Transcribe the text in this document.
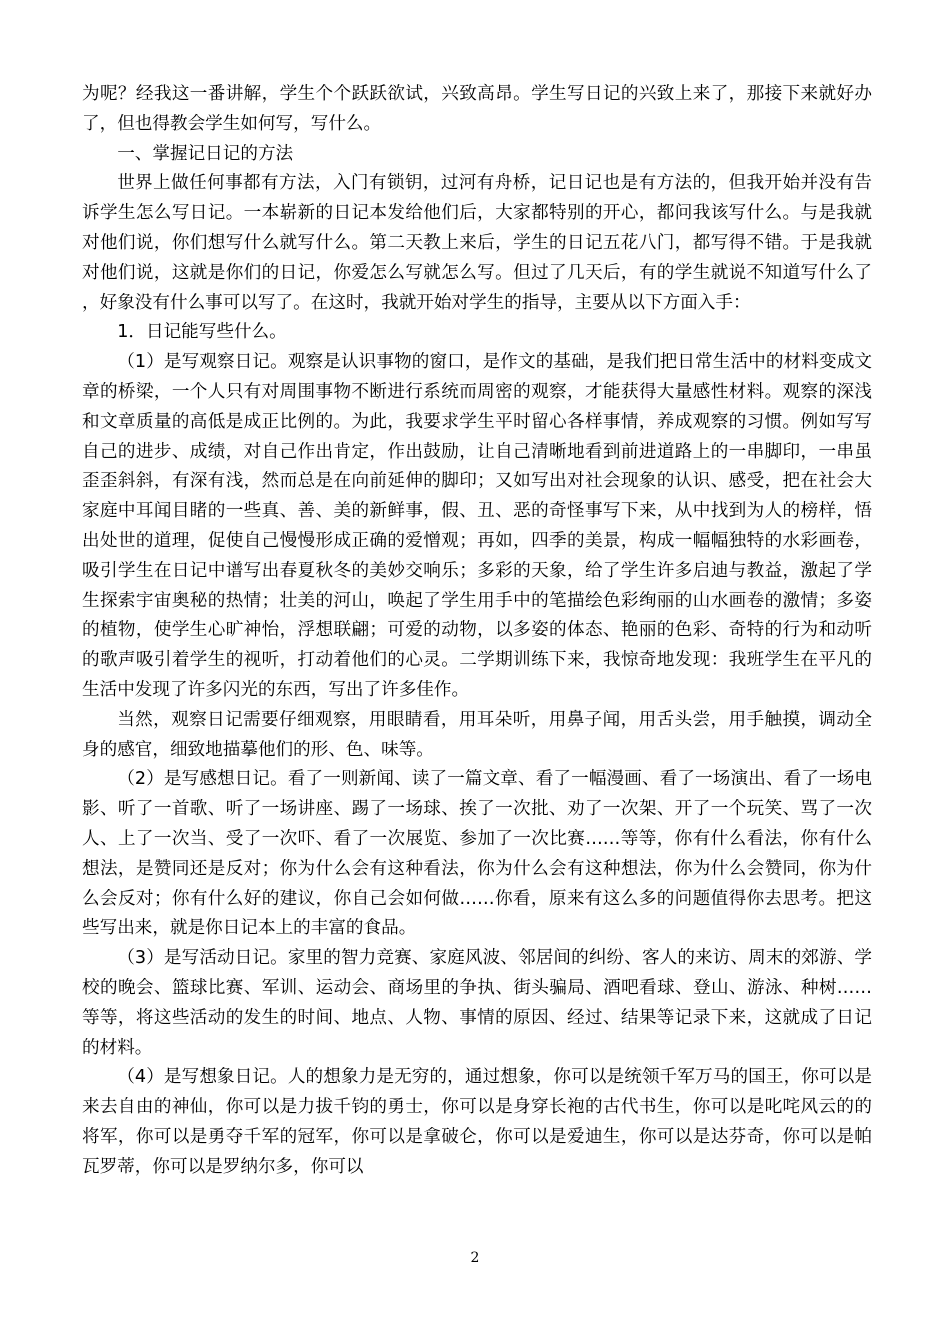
为呢？经我这一番讲解，学生个个跃跃欲试，兴致高昂。学生写日记的兴致上来了，那接下来就好办了，但也得教会学生如何写，写什么。

一、掌握记日记的方法

世界上做任何事都有方法，入门有锁钥，过河有舟桥，记日记也是有方法的，但我开始并没有告诉学生怎么写日记。一本崭新的日记本发给他们后，大家都特别的开心，都问我该写什么。与是我就对他们说，你们想写什么就写什么。第二天教上来后，学生的日记五花八门，都写得不错。于是我就对他们说，这就是你们的日记，你爱怎么写就怎么写。但过了几天后，有的学生就说不知道写什么了，好象没有什么事可以写了。在这时，我就开始对学生的指导，主要从以下方面入手：

1．日记能写些什么。

（1）是写观察日记。观察是认识事物的窗口，是作文的基础，是我们把日常生活中的材料变成文章的桥梁，一个人只有对周围事物不断进行系统而周密的观察，才能获得大量感性材料。观察的深浅和文章质量的高低是成正比例的。为此，我要求学生平时留心各样事情，养成观察的习惯。例如写写自己的进步、成绩，对自己作出肯定，作出鼓励，让自己清晰地看到前进道路上的一串脚印，一串虽歪歪斜斜，有深有浅，然而总是在向前延伸的脚印；又如写出对社会现象的认识、感受，把在社会大家庭中耳闻目睹的一些真、善、美的新鲜事，假、丑、恶的奇怪事写下来，从中找到为人的榜样，悟出处世的道理，促使自己慢慢形成正确的爱憎观；再如，四季的美景，构成一幅幅独特的水彩画卷，吸引学生在日记中谱写出春夏秋冬的美妙交响乐；多彩的天象，给了学生许多启迪与教益，激起了学生探索宇宙奥秘的热情；壮美的河山，唤起了学生用手中的笔描绘色彩绚丽的山水画卷的激情；多姿的植物，使学生心旷神怡，浮想联翩；可爱的动物，以多姿的体态、艳丽的色彩、奇特的行为和动听的歌声吸引着学生的视听，打动着他们的心灵。二学期训练下来，我惊奇地发现：我班学生在平凡的生活中发现了许多闪光的东西，写出了许多佳作。

当然，观察日记需要仔细观察，用眼睛看，用耳朵听，用鼻子闻，用舌头尝，用手触摸，调动全身的感官，细致地描摹他们的形、色、味等。

（2）是写感想日记。看了一则新闻、读了一篇文章、看了一幅漫画、看了一场演出、看了一场电影、听了一首歌、听了一场讲座、踢了一场球、挨了一次批、劝了一次架、开了一个玩笑、骂了一次人、上了一次当、受了一次吓、看了一次展览、参加了一次比赛……等等，你有什么看法，你有什么想法，是赞同还是反对；你为什么会有这种看法，你为什么会有这种想法，你为什么会赞同，你为什么会反对；你有什么好的建议，你自己会如何做……你看，原来有这么多的问题值得你去思考。把这些写出来，就是你日记本上的丰富的食品。

（3）是写活动日记。家里的智力竞赛、家庭风波、邻居间的纠纷、客人的来访、周末的郊游、学校的晚会、篮球比赛、军训、运动会、商场里的争执、街头骗局、酒吧看球、登山、游泳、种树……等等，将这些活动的发生的时间、地点、人物、事情的原因、经过、结果等记录下来，这就成了日记的材料。

（4）是写想象日记。人的想象力是无穷的，通过想象，你可以是统领千军万马的国王，你可以是来去自由的神仙，你可以是力拔千钧的勇士，你可以是身穿长袍的古代书生，你可以是叱咤风云的的将军，你可以是勇夺千军的冠军，你可以是拿破仑，你可以是爱迪生，你可以是达芬奇，你可以是帕瓦罗蒂，你可以是罗纳尔多，你可以

2
